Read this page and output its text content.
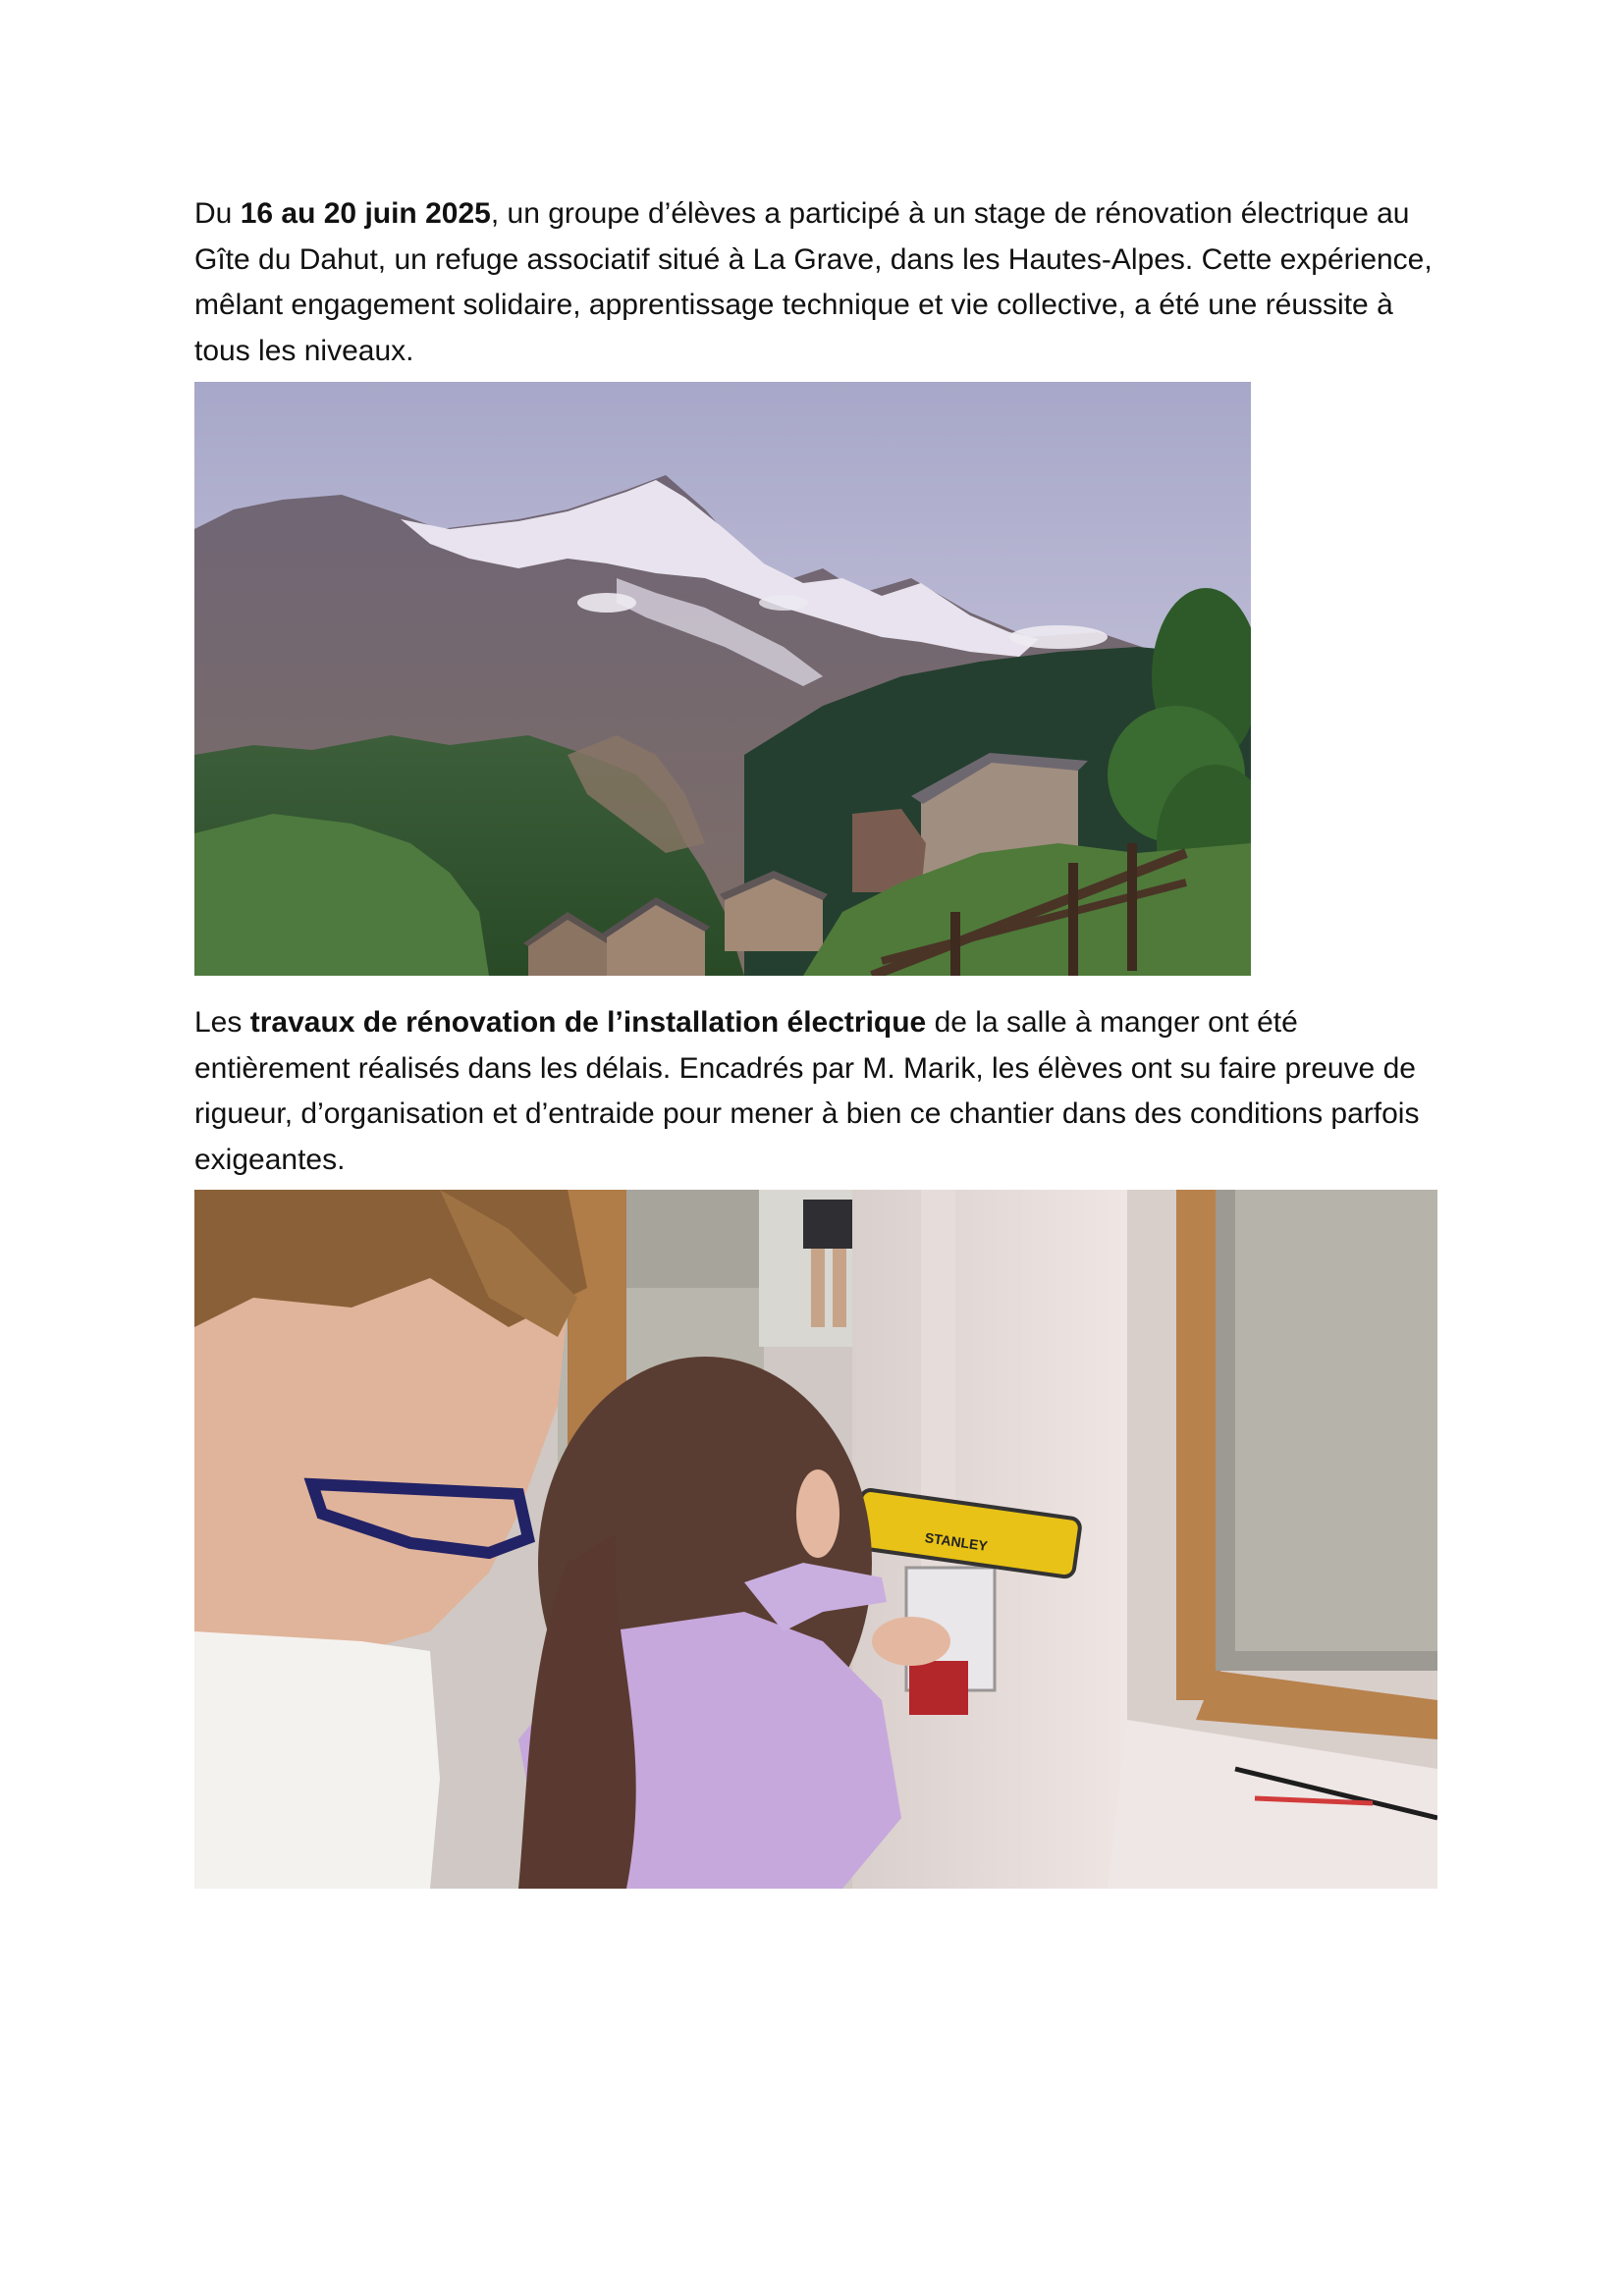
Du 16 au 20 juin 2025, un groupe d’élèves a participé à un stage de rénovation électrique au Gîte du Dahut, un refuge associatif situé à La Grave, dans les Hautes-Alpes. Cette expérience, mêlant engagement solidaire, apprentissage technique et vie collective, a été une réussite à tous les niveaux.

Les travaux de rénovation de l’installation électrique de la salle à manger ont été entièrement réalisés dans les délais. Encadrés par M. Marik, les élèves ont su faire preuve de rigueur, d’organisation et d’entraide pour mener à bien ce chantier dans des conditions parfois exigeantes.

STANLEY
